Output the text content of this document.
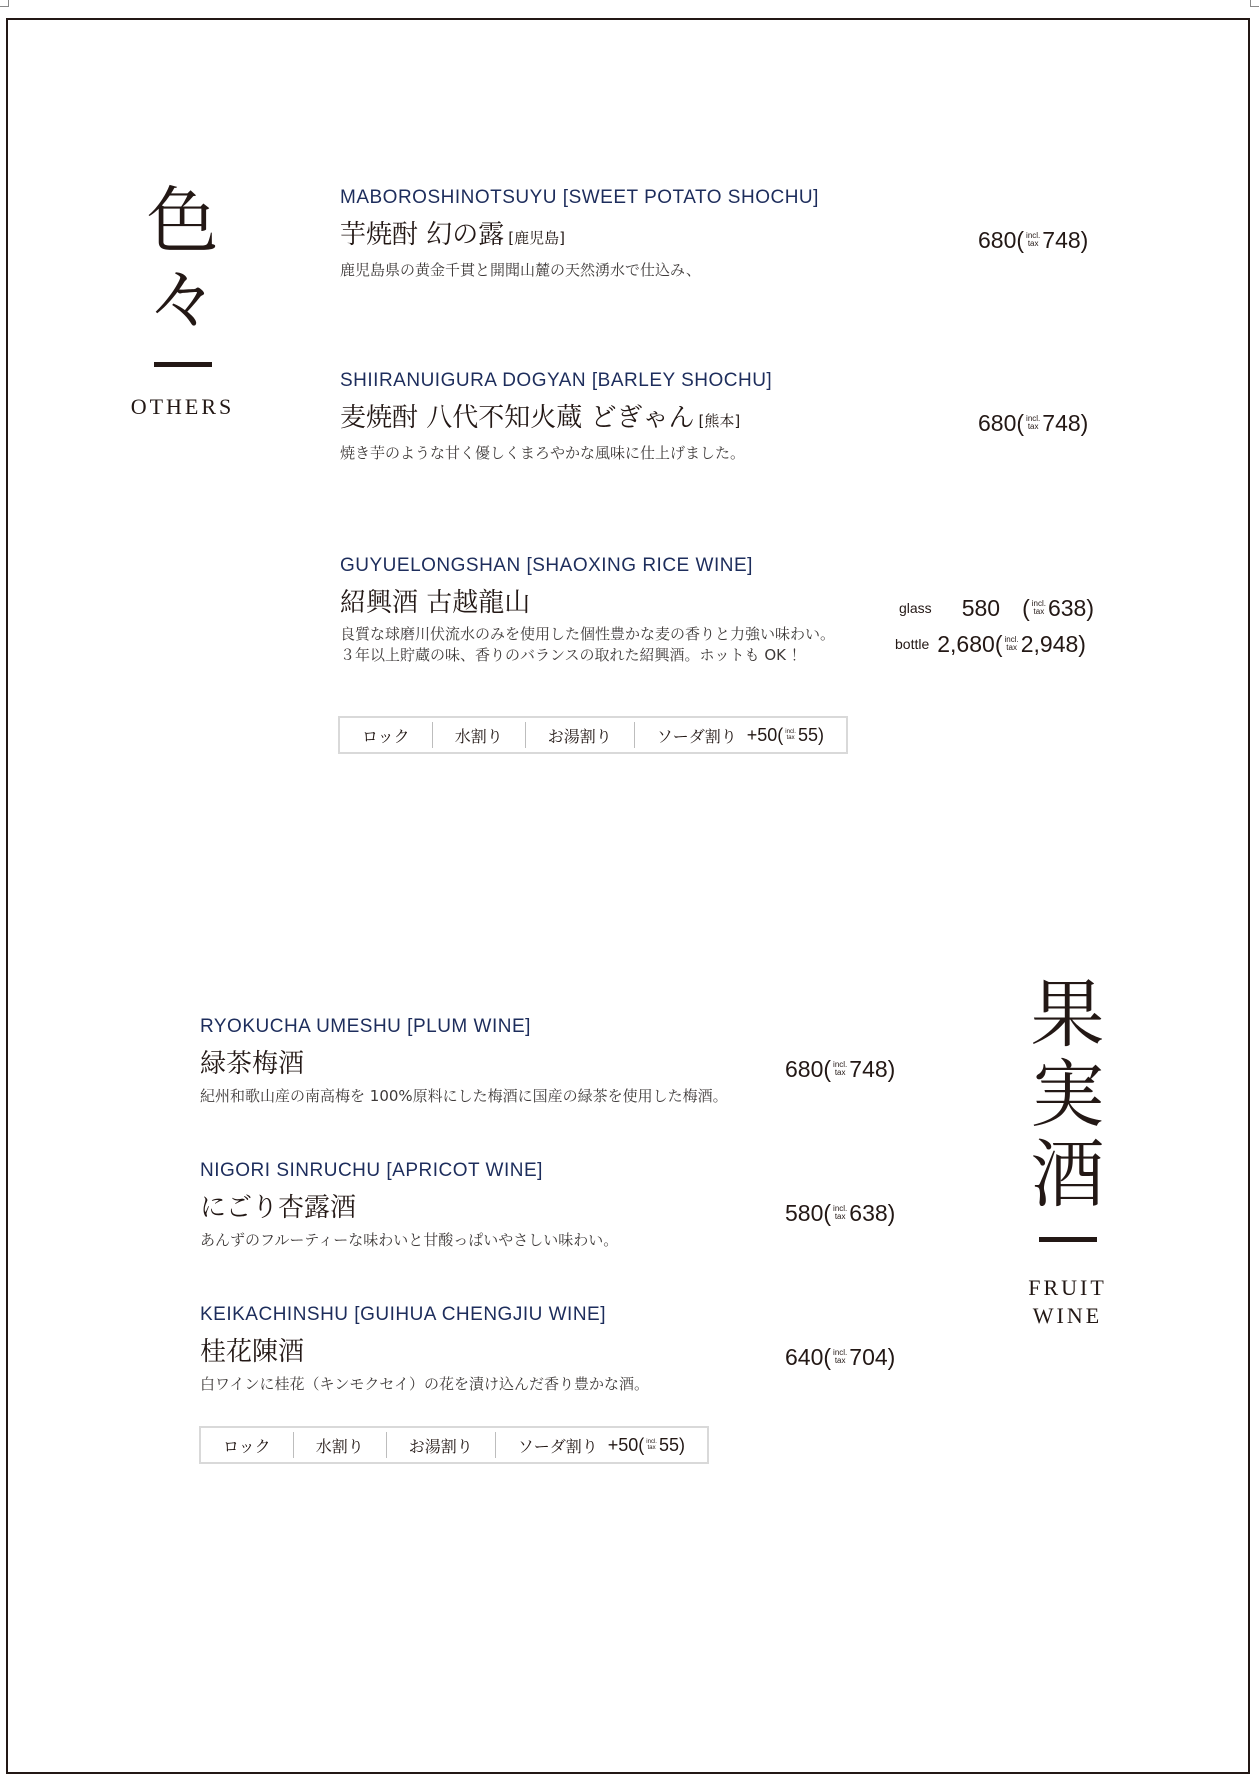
色
々
OTHERS
MABOROSHINOTSUYU [SWEET POTATO SHOCHU]
芋焼酎 幻の露 [鹿児島]
鹿児島県の黄金千貫と開聞山麓の天然湧水で仕込み、
680 ( incl.
tax 748 )
SHIIRANUIGURA DOGYAN [BARLEY SHOCHU]
麦焼酎 八代不知火蔵 どぎゃん [熊本]
焼き芋のような甘く優しくまろやかな風味に仕上げました。
680 ( incl.
tax 748 )
GUYUELONGSHAN [SHAOXING RICE WINE]
紹興酒 古越龍山
良質な球磨川伏流水のみを使用した個性豊かな麦の香りと力強い味わい。
３年以上貯蔵の味、香りのバランスの取れた紹興酒。ホットも OK ！
glass 580 ( incl.
tax 638 )
bottle 2,680 ( incl.
tax 2,948 )
ロック	水割り	お湯割り	ソーダ割り +50 ( incl.
tax 55 )
果
実
酒
FRUIT
WINE
RYOKUCHA UMESHU [PLUM WINE]
緑茶梅酒
紀州和歌山産の南高梅を 100%原料にした梅酒に国産の緑茶を使用した梅酒。
680 ( incl.
tax 748 )
NIGORI SINRUCHU [APRICOT WINE]
にごり杏露酒
あんずのフルーティーな味わいと甘酸っぱいやさしい味わい。
580 ( incl.
tax 638 )
KEIKACHINSHU [GUIHUA CHENGJIU WINE]
桂花陳酒
白ワインに桂花（キンモクセイ）の花を漬け込んだ香り豊かな酒。
640 ( incl.
tax 704 )
ロック	水割り	お湯割り	ソーダ割り +50 ( incl.
tax 55 )
